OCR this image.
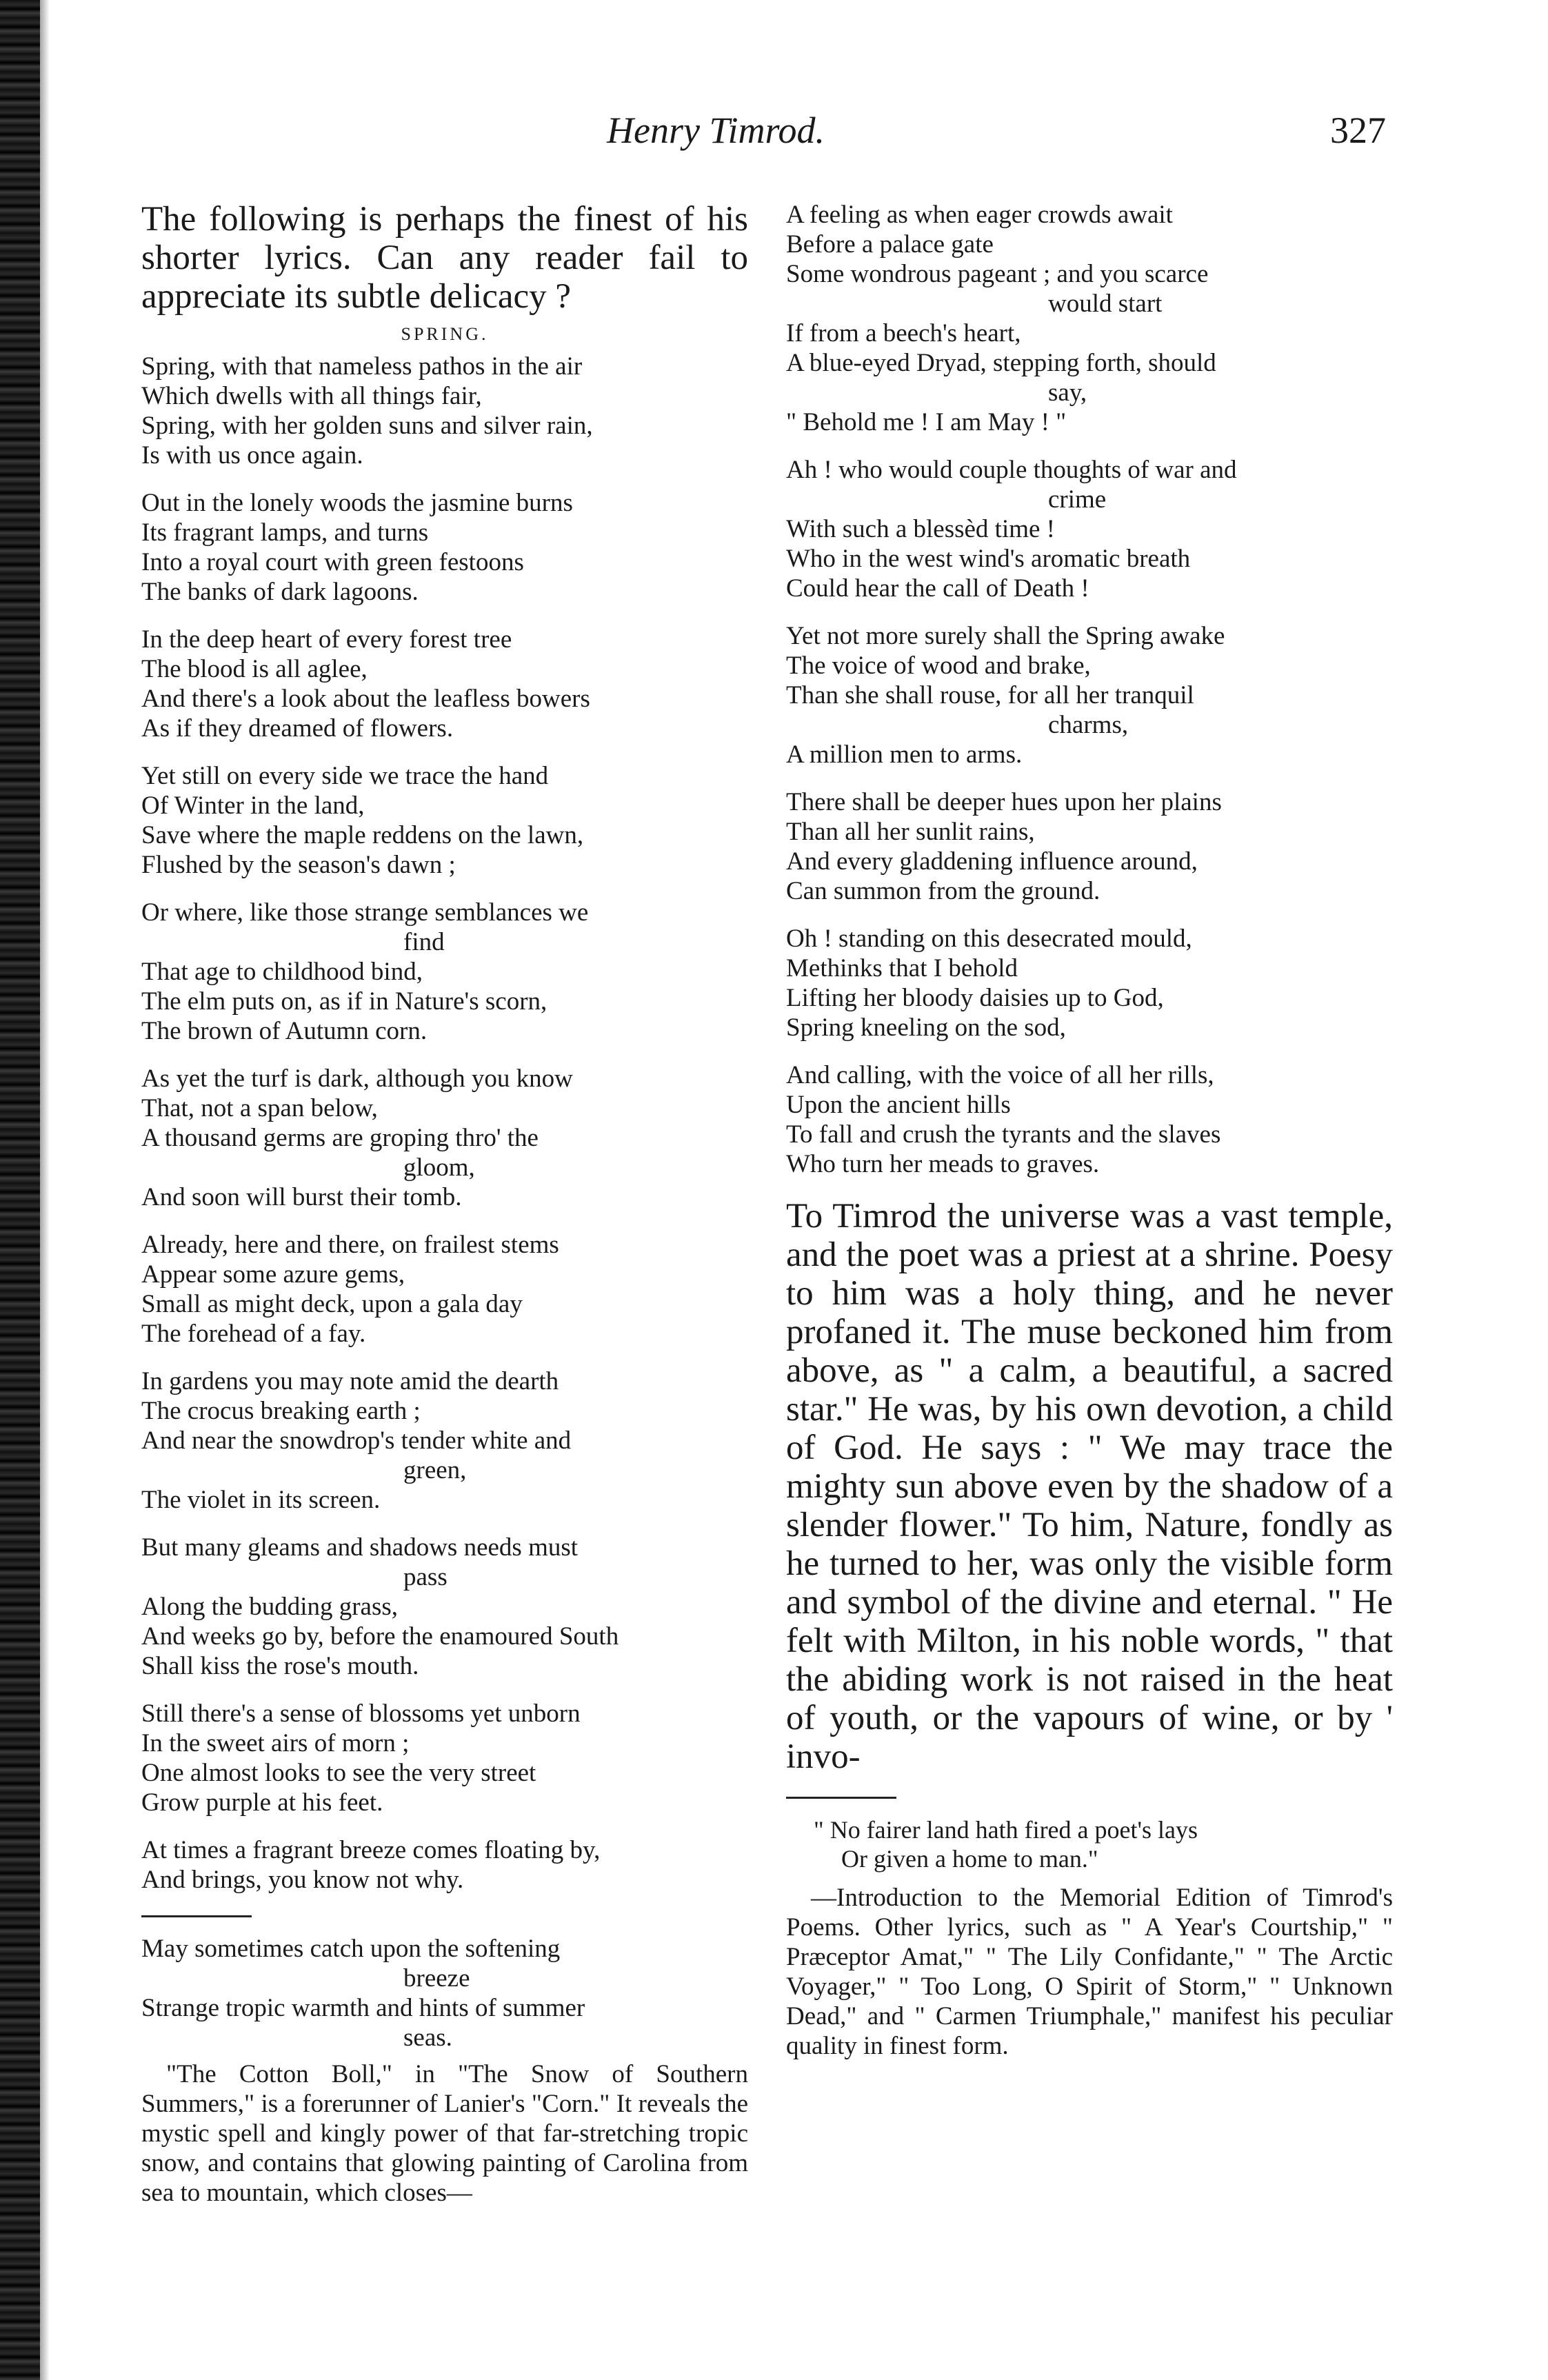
Henry Timrod.	327

The following is perhaps the finest of his shorter lyrics. Can any reader fail to appreciate its subtle delicacy ?

SPRING.
Spring, with that nameless pathos in the air
Which dwells with all things fair,
Spring, with her golden suns and silver rain,
Is with us once again.
Out in the lonely woods the jasmine burns
Its fragrant lamps, and turns
Into a royal court with green festoons
The banks of dark lagoons.
In the deep heart of every forest tree
The blood is all aglee,
And there's a look about the leafless bowers
As if they dreamed of flowers.
Yet still on every side we trace the hand
Of Winter in the land,
Save where the maple reddens on the lawn,
Flushed by the season's dawn ;
Or where, like those strange semblances we
find
That age to childhood bind,
The elm puts on, as if in Nature's scorn,
The brown of Autumn corn.
As yet the turf is dark, although you know
That, not a span below,
A thousand germs are groping thro' the
gloom,
And soon will burst their tomb.
Already, here and there, on frailest stems
Appear some azure gems,
Small as might deck, upon a gala day
The forehead of a fay.
In gardens you may note amid the dearth
The crocus breaking earth ;
And near the snowdrop's tender white and
green,
The violet in its screen.
But many gleams and shadows needs must
pass
Along the budding grass,
And weeks go by, before the enamoured South
Shall kiss the rose's mouth.
Still there's a sense of blossoms yet unborn
In the sweet airs of morn ;
One almost looks to see the very street
Grow purple at his feet.
At times a fragrant breeze comes floating by,
And brings, you know not why.
May sometimes catch upon the softening
breeze
Strange tropic warmth and hints of summer
seas.

"The Cotton Boll," in "The Snow of Southern Summers," is a forerunner of Lanier's "Corn." It reveals the mystic spell and kingly power of that far-stretching tropic snow, and contains that glowing painting of Carolina from sea to mountain, which closes—

A feeling as when eager crowds await
Before a palace gate
Some wondrous pageant ; and you scarce
would start
If from a beech's heart,
A blue-eyed Dryad, stepping forth, should
say,
" Behold me ! I am May ! "
Ah ! who would couple thoughts of war and
crime
With such a blessèd time !
Who in the west wind's aromatic breath
Could hear the call of Death !
Yet not more surely shall the Spring awake
The voice of wood and brake,
Than she shall rouse, for all her tranquil
charms,
A million men to arms.
There shall be deeper hues upon her plains
Than all her sunlit rains,
And every gladdening influence around,
Can summon from the ground.
Oh ! standing on this desecrated mould,
Methinks that I behold
Lifting her bloody daisies up to God,
Spring kneeling on the sod,
And calling, with the voice of all her rills,
Upon the ancient hills
To fall and crush the tyrants and the slaves
Who turn her meads to graves.

To Timrod the universe was a vast temple, and the poet was a priest at a shrine. Poesy to him was a holy thing, and he never profaned it. The muse beckoned him from above, as " a calm, a beautiful, a sacred star." He was, by his own devotion, a child of God. He says : " We may trace the mighty sun above even by the shadow of a slender flower." To him, Nature, fondly as he turned to her, was only the visible form and symbol of the divine and eternal. " He felt with Milton, in his noble words, " that the abiding work is not raised in the heat of youth, or the vapours of wine, or by ' invo-

" No fairer land hath fired a poet's lays
Or given a home to man."

—Introduction to the Memorial Edition of Timrod's Poems. Other lyrics, such as " A Year's Courtship," " Præceptor Amat," " The Lily Confidante," " The Arctic Voyager," " Too Long, O Spirit of Storm," " Unknown Dead," and " Carmen Triumphale," manifest his peculiar quality in finest form.
